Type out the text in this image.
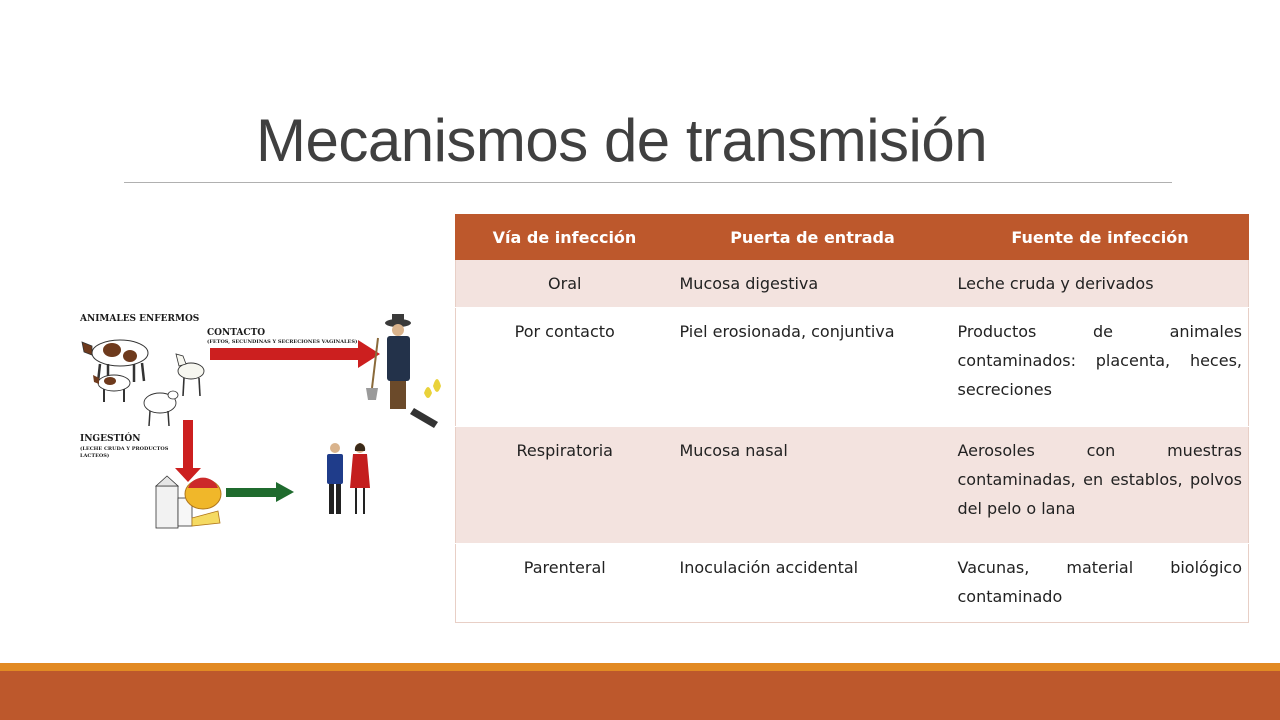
Mecanismos de transmisión
ANIMALES ENFERMOS
CONTACTO
(FETOS, SECUNDINAS Y SECRECIONES VAGINALES)
INGESTIÓN
(LECHE CRUDA Y PRODUCTOS
LACTEOS)
Vía de infección	Puerta de entrada	Fuente de infección
Oral	Mucosa digestiva	Leche cruda y derivados
Por contacto	Piel erosionada, conjuntiva	Productos de animales contaminados: placenta, heces, secreciones
Respiratoria	Mucosa nasal	Aerosoles con muestras contaminadas, en establos, polvos del pelo o lana
Parenteral	Inoculación accidental	Vacunas, material biológico contaminado
